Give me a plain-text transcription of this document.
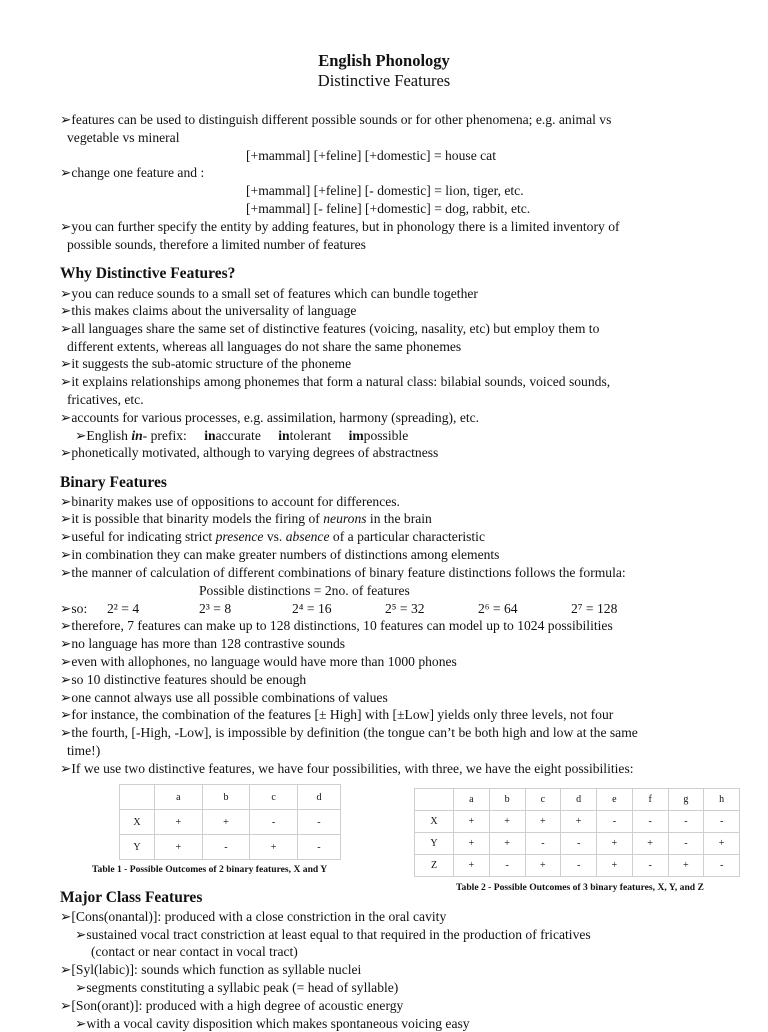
English Phonology
Distinctive Features
➢features can be used to distinguish different possible sounds or for other phenomena; e.g. animal vs
vegetable vs mineral
[+mammal] [+feline] [+domestic] = house cat
➢change one feature and :
[+mammal] [+feline] [- domestic] = lion, tiger, etc.
[+mammal] [- feline] [+domestic] = dog, rabbit, etc.
➢you can further specify the entity by adding features, but in phonology there is a limited inventory of
possible sounds, therefore a limited number of features
Why Distinctive Features?
➢you can reduce sounds to a small set of features which can bundle together
➢this makes claims about the universality of language
➢all languages share the same set of distinctive features (voicing, nasality, etc) but employ them to
different extents, whereas all languages do not share the same phonemes
➢it suggests the sub-atomic structure of the phoneme
➢it explains relationships among phonemes that form a natural class: bilabial sounds, voiced sounds,
fricatives, etc.
➢accounts for various processes, e.g. assimilation, harmony (spreading), etc.
➢English in- prefix: inaccurate intolerant impossible
➢phonetically motivated, although to varying degrees of abstractness
Binary Features
➢binarity makes use of oppositions to account for differences.
➢it is possible that binarity models the firing of neurons in the brain
➢useful for indicating strict presence vs. absence of a particular characteristic
➢in combination they can make greater numbers of distinctions among elements
➢the manner of calculation of different combinations of binary feature distinctions follows the formula:
Possible distinctions = 2no. of features
➢so: 2² = 4	2³ = 8	2⁴ = 16	2⁵ = 32	2⁶ = 64	2⁷ = 128
➢therefore, 7 features can make up to 128 distinctions, 10 features can model up to 1024 possibilities
➢no language has more than 128 contrastive sounds
➢even with allophones, no language would have more than 1000 phones
➢so 10 distinctive features should be enough
➢one cannot always use all possible combinations of values
➢for instance, the combination of the features [± High] with [±Low] yields only three levels, not four
➢the fourth, [-High, -Low], is impossible by definition (the tongue can’t be both high and low at the same
time!)
➢If we use two distinctive features, we have four possibilities, with three, we have the eight possibilities:
	a	b	c	d
X	+	+	-	-
Y	+	-	+	-
Table 1 - Possible Outcomes of 2 binary features, X and Y
	a	b	c	d	e	f	g	h
X	+	+	+	+	-	-	-	-
Y	+	+	-	-	+	+	-	+
Z	+	-	+	-	+	-	+	-
Table 2 - Possible Outcomes of 3 binary features, X, Y, and Z
Major Class Features
➢[Cons(onantal)]: produced with a close constriction in the oral cavity
➢sustained vocal tract constriction at least equal to that required in the production of fricatives
(contact or near contact in vocal tract)
➢[Syl(labic)]: sounds which function as syllable nuclei
➢segments constituting a syllabic peak (= head of syllable)
➢[Son(orant)]: produced with a high degree of acoustic energy
➢with a vocal cavity disposition which makes spontaneous voicing easy
